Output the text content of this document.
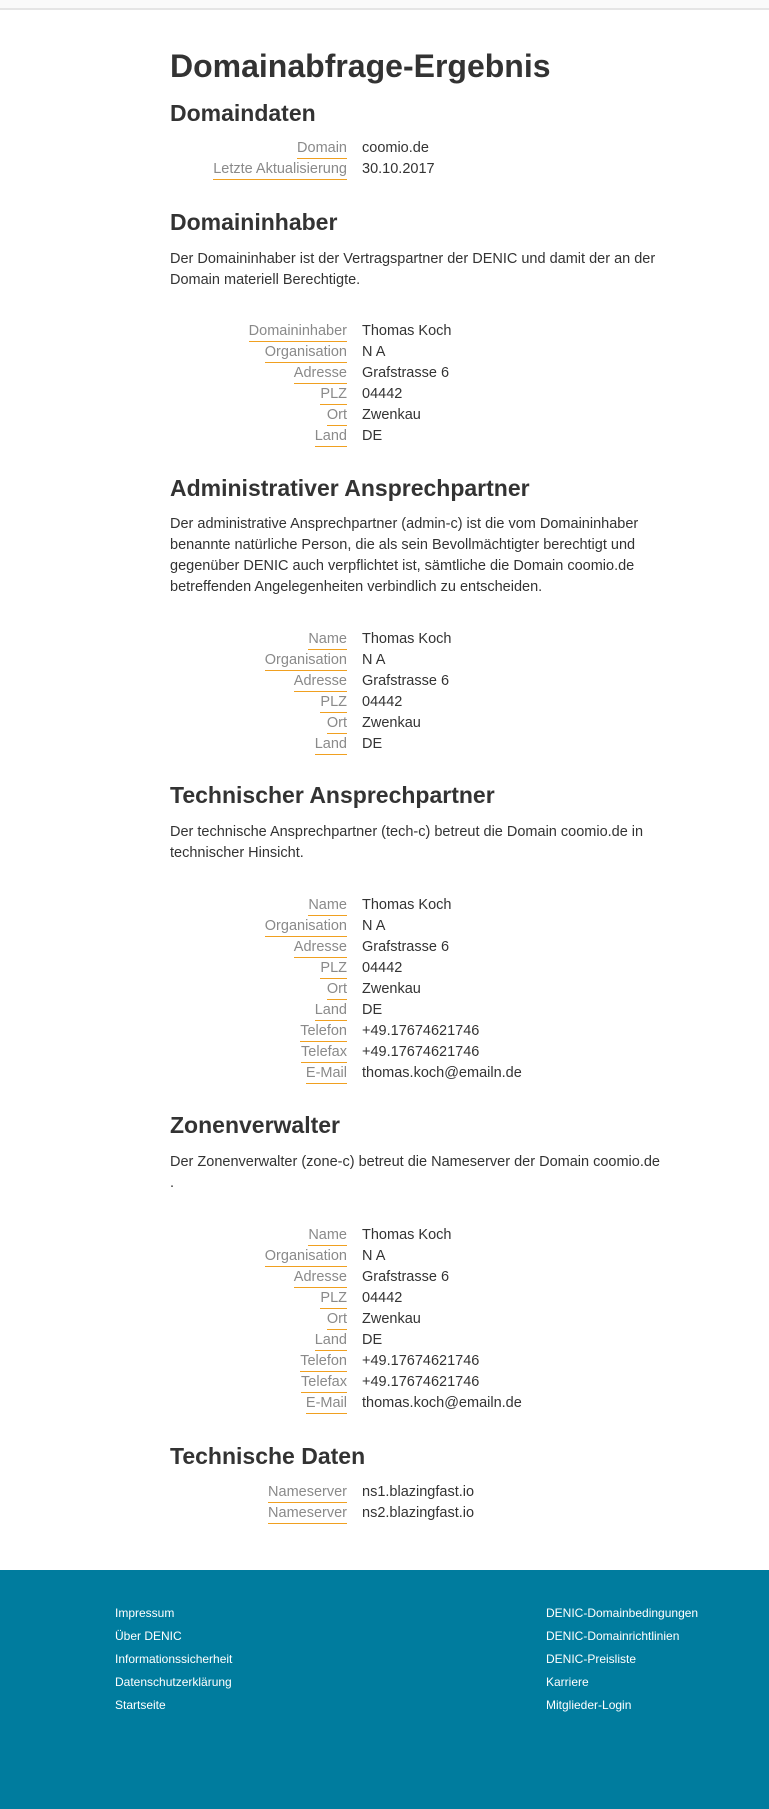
Domainabfrage-Ergebnis
Domaindaten
Domain coomio.de
Letzte Aktualisierung 30.10.2017
Domaininhaber

Der Domaininhaber ist der Vertragspartner der DENIC und damit der an der Domain materiell Berechtigte.

Domaininhaber Thomas Koch
Organisation N A
Adresse Grafstrasse 6
PLZ 04442
Ort Zwenkau
Land DE
Administrativer Ansprechpartner

Der administrative Ansprechpartner (admin-c) ist die vom Domaininhaber benannte natürliche Person, die als sein Bevollmächtigter berechtigt und gegenüber DENIC auch verpflichtet ist, sämtliche die Domain coomio.de betreffenden Angelegenheiten verbindlich zu entscheiden.

Name Thomas Koch
Organisation N A
Adresse Grafstrasse 6
PLZ 04442
Ort Zwenkau
Land DE
Technischer Ansprechpartner

Der technische Ansprechpartner (tech-c) betreut die Domain coomio.de in technischer Hinsicht.

Name Thomas Koch
Organisation N A
Adresse Grafstrasse 6
PLZ 04442
Ort Zwenkau
Land DE
Telefon +49.17674621746
Telefax +49.17674621746
E-Mail thomas.koch@emailn.de
Zonenverwalter

Der Zonenverwalter (zone-c) betreut die Nameserver der Domain coomio.de .

Name Thomas Koch
Organisation N A
Adresse Grafstrasse 6
PLZ 04442
Ort Zwenkau
Land DE
Telefon +49.17674621746
Telefax +49.17674621746
E-Mail thomas.koch@emailn.de
Technische Daten
Nameserver ns1.blazingfast.io
Nameserver ns2.blazingfast.io
Impressum
Über DENIC
Informationssicherheit
Datenschutzerklärung
Startseite
DENIC-Domainbedingungen
DENIC-Domainrichtlinien
DENIC-Preisliste
Karriere
Mitglieder-Login
